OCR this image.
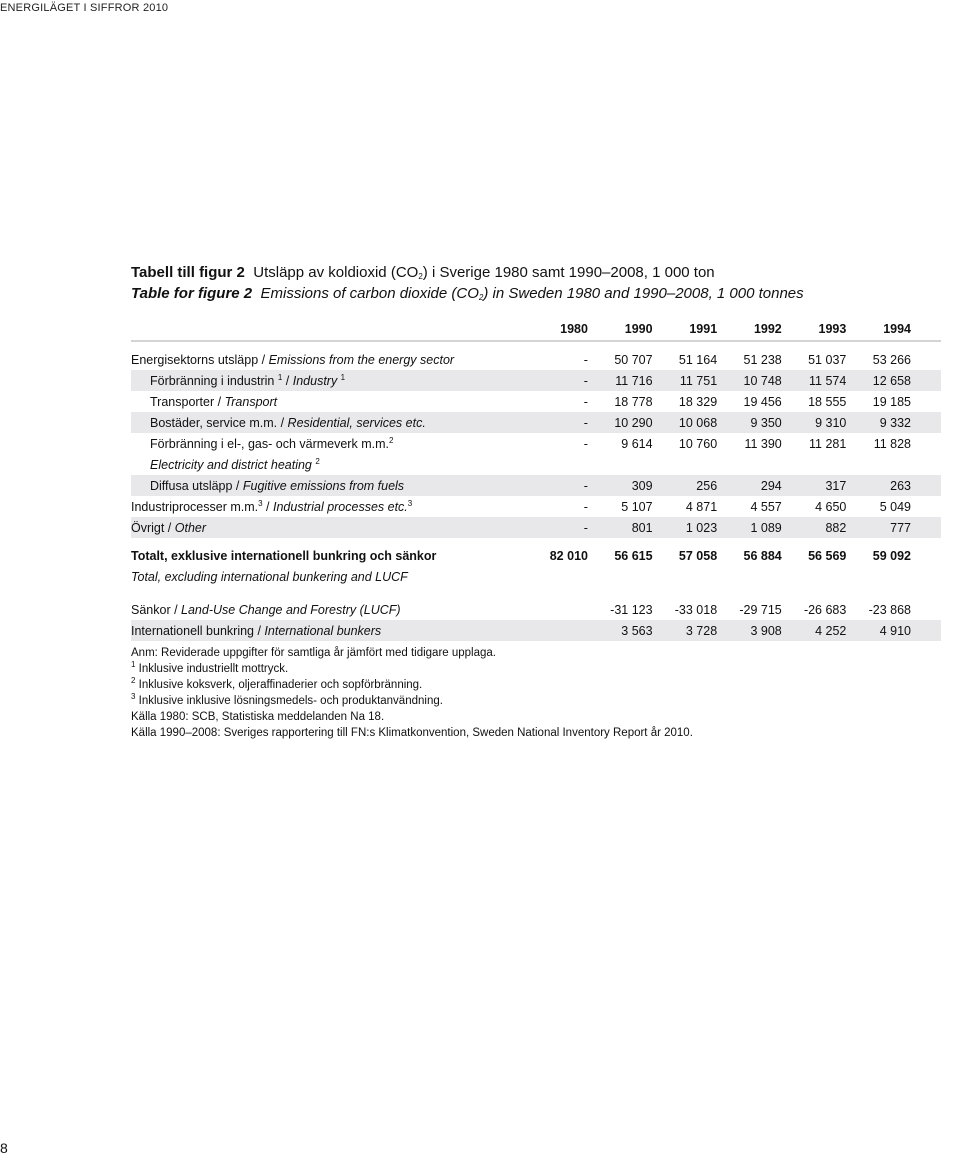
ENERGILÄGET I SIFFROR 2010
Tabell till figur 2 Utsläpp av koldioxid $(CO_2)$ i Sverige 1980 samt 1990–2008, 1 000 ton
Table for figure 2 Emissions of carbon dioxide $(CO_2)$ in Sweden 1980 and 1990–2008, 1 000 tonnes
	1980	1990	1991	1992	1993	1994

Energisektorns utsläpp / Emissions from the energy sector	-	50 707	51 164	51 238	51 037	53 266
Förbränning i industrin $^1$ / Industry $^1$	-	11 716	11 751	10 748	11 574	12 658
Transporter / Transport	-	18 778	18 329	19 456	18 555	19 185
Bostäder, service m.m. / Residential, services etc.	-	10 290	10 068	9 350	9 310	9 332
Förbränning i el-, gas- och värmeverk m.m.$^2$	-	9 614	10 760	11 390	11 281	11 828
Electricity and district heating $^2$	
Diffusa utsläpp / Fugitive emissions from fuels	-	309	256	294	317	263
Industriprocesser m.m.$^3$ / Industrial processes etc.$^3$	-	5 107	4 871	4 557	4 650	5 049
Övrigt / Other	-	801	1 023	1 089	882	777

Totalt, exklusive internationell bunkring och sänkor	82 010	56 615	57 058	56 884	56 569	59 092
Total, excluding international bunkering and LUCF						

Sänkor / Land-Use Change and Forestry (LUCF)		-31 123	-33 018	-29 715	-26 683	-23 868
Internationell bunkring / International bunkers		3 563	3 728	3 908	4 252	4 910
Anm: Reviderade uppgifter för samtliga år jämfört med tidigare upplaga.
$^1$ Inklusive industriellt mottryck.
$^2$ Inklusive koksverk, oljeraffinaderier och sopförbränning.
$^3$ Inklusive inklusive lösningsmedels- och produktanvändning.
Källa 1980: SCB, Statistiska meddelanden Na 18.
Källa 1990–2008: Sveriges rapportering till FN:s Klimatkonvention, Sweden National Inventory Report år 2010.
8
